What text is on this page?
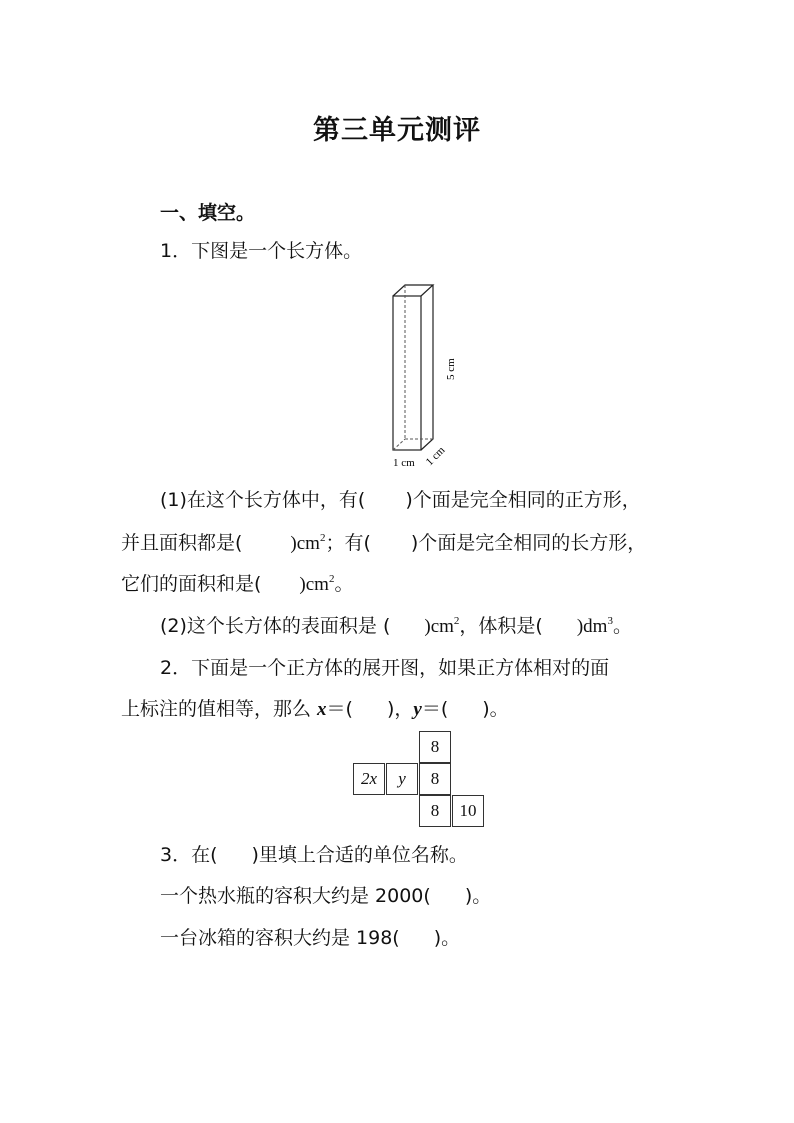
第三单元测评
一、填空。
1．下图是一个长方体。
5 cm
1 cm 1 cm
(1)在这个长方体中，有( )个面是完全相同的正方形，
并且面积都是(	)$cm^2$；有( )个面是完全相同的长方形，
它们的面积和是( )$cm^2$。
(2)这个长方体的表面积是 ( )$cm^2$，体积是( )$dm^3$。
2．下面是一个正方体的展开图，如果正方体相对的面
上标注的值相等，那么 x＝( )，y＝( )。
8
2x	y	8
8	10
3．在( )里填上合适的单位名称。
一个热水瓶的容积大约是 2000( )。
一台冰箱的容积大约是 198( )。
